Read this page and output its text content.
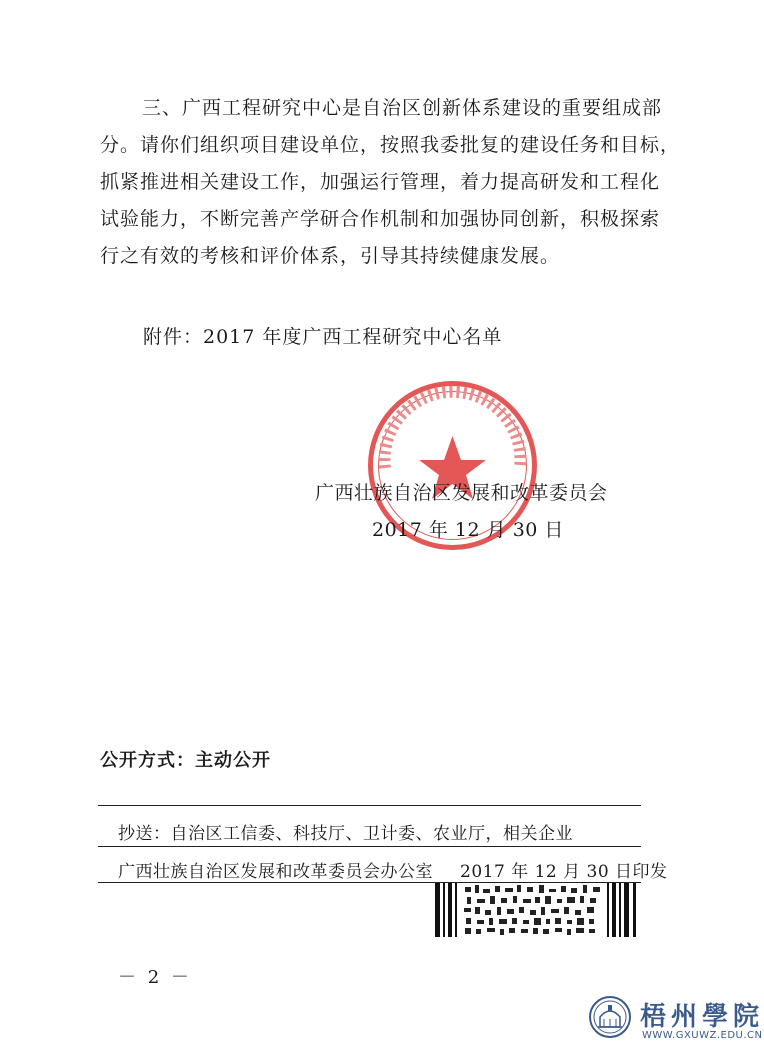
三、广西工程研究中心是自治区创新体系建设的重要组成部
分。请你们组织项目建设单位，按照我委批复的建设任务和目标，
抓紧推进相关建设工作，加强运行管理，着力提高研发和工程化
试验能力，不断完善产学研合作机制和加强协同创新，积极探索
行之有效的考核和评价体系，引导其持续健康发展。
附件：2017 年度广西工程研究中心名单
广西壮族自治区发展和改革委员会
2017 年 12 月 30 日
公开方式：主动公开
抄送：自治区工信委、科技厅、卫计委、农业厅，相关企业
广西壮族自治区发展和改革委员会办公室 2017 年 12 月 30 日印发
－ 2 －
梧州學院
WWW.GXUWZ.EDU.CN
